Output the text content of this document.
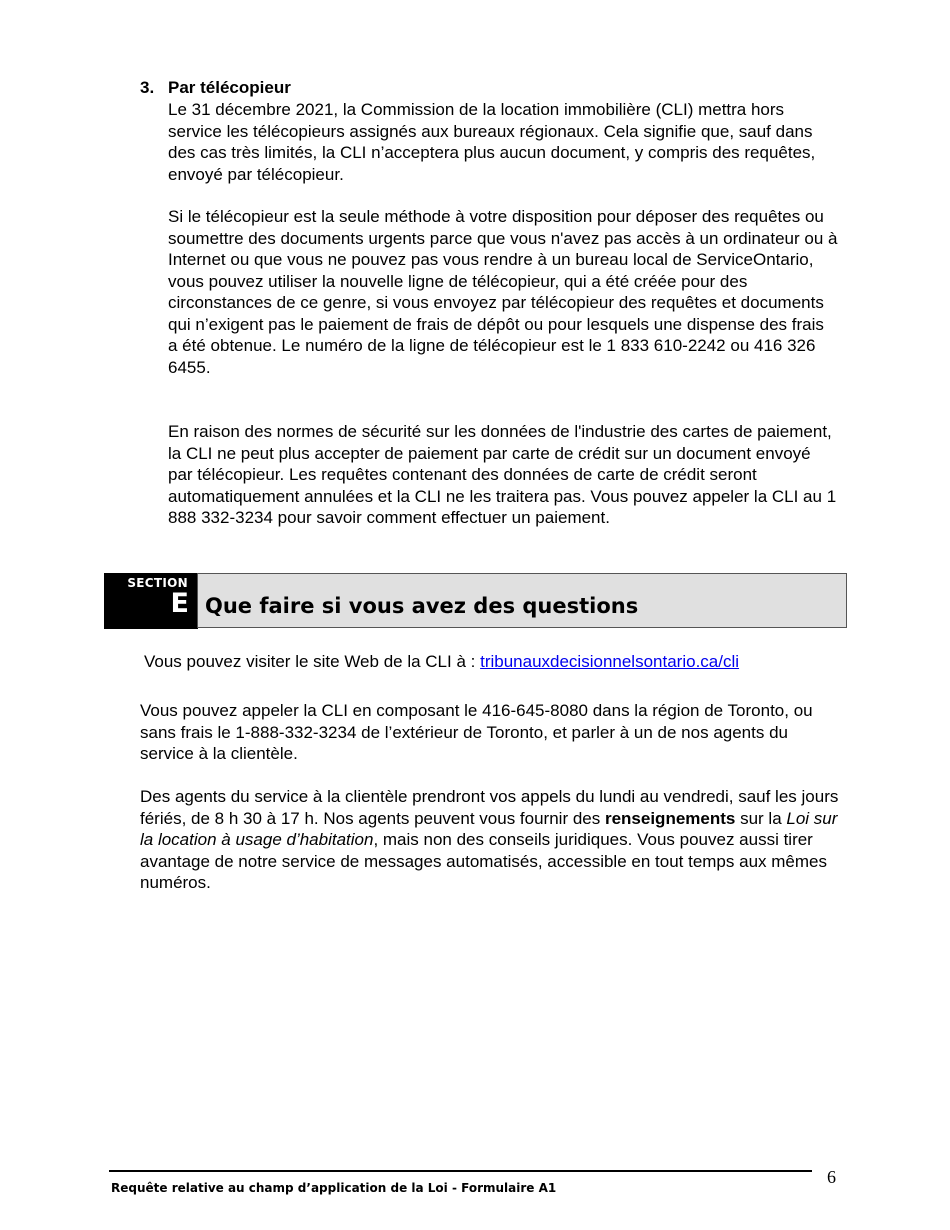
3. Par télécopieur

Le 31 décembre 2021, la Commission de la location immobilière (CLI) mettra hors service les télécopieurs assignés aux bureaux régionaux. Cela signifie que, sauf dans des cas très limités, la CLI n’acceptera plus aucun document, y compris des requêtes, envoyé par télécopieur.

Si le télécopieur est la seule méthode à votre disposition pour déposer des requêtes ou soumettre des documents urgents parce que vous n'avez pas accès à un ordinateur ou à Internet ou que vous ne pouvez pas vous rendre à un bureau local de ServiceOntario, vous pouvez utiliser la nouvelle ligne de télécopieur, qui a été créée pour des circonstances de ce genre, si vous envoyez par télécopieur des requêtes et documents qui n’exigent pas le paiement de frais de dépôt ou pour lesquels une dispense des frais a été obtenue. Le numéro de la ligne de télécopieur est le 1 833 610-2242 ou 416 326 6455.

En raison des normes de sécurité sur les données de l'industrie des cartes de paiement, la CLI ne peut plus accepter de paiement par carte de crédit sur un document envoyé par télécopieur. Les requêtes contenant des données de carte de crédit seront automatiquement annulées et la CLI ne les traitera pas. Vous pouvez appeler la CLI au 1 888 332-3234 pour savoir comment effectuer un paiement.

SECTION
E Que faire si vous avez des questions
Vous pouvez visiter le site Web de la CLI à : tribunauxdecisionnelsontario.ca/cli

Vous pouvez appeler la CLI en composant le 416-645-8080 dans la région de Toronto, ou sans frais le 1-888-332-3234 de l’extérieur de Toronto, et parler à un de nos agents du service à la clientèle.

Des agents du service à la clientèle prendront vos appels du lundi au vendredi, sauf les jours fériés, de 8 h 30 à 17 h. Nos agents peuvent vous fournir des renseignements sur la Loi sur la location à usage d’habitation, mais non des conseils juridiques. Vous pouvez aussi tirer avantage de notre service de messages automatisés, accessible en tout temps aux mêmes numéros.

Requête relative au champ d’application de la Loi - Formulaire A1
6
